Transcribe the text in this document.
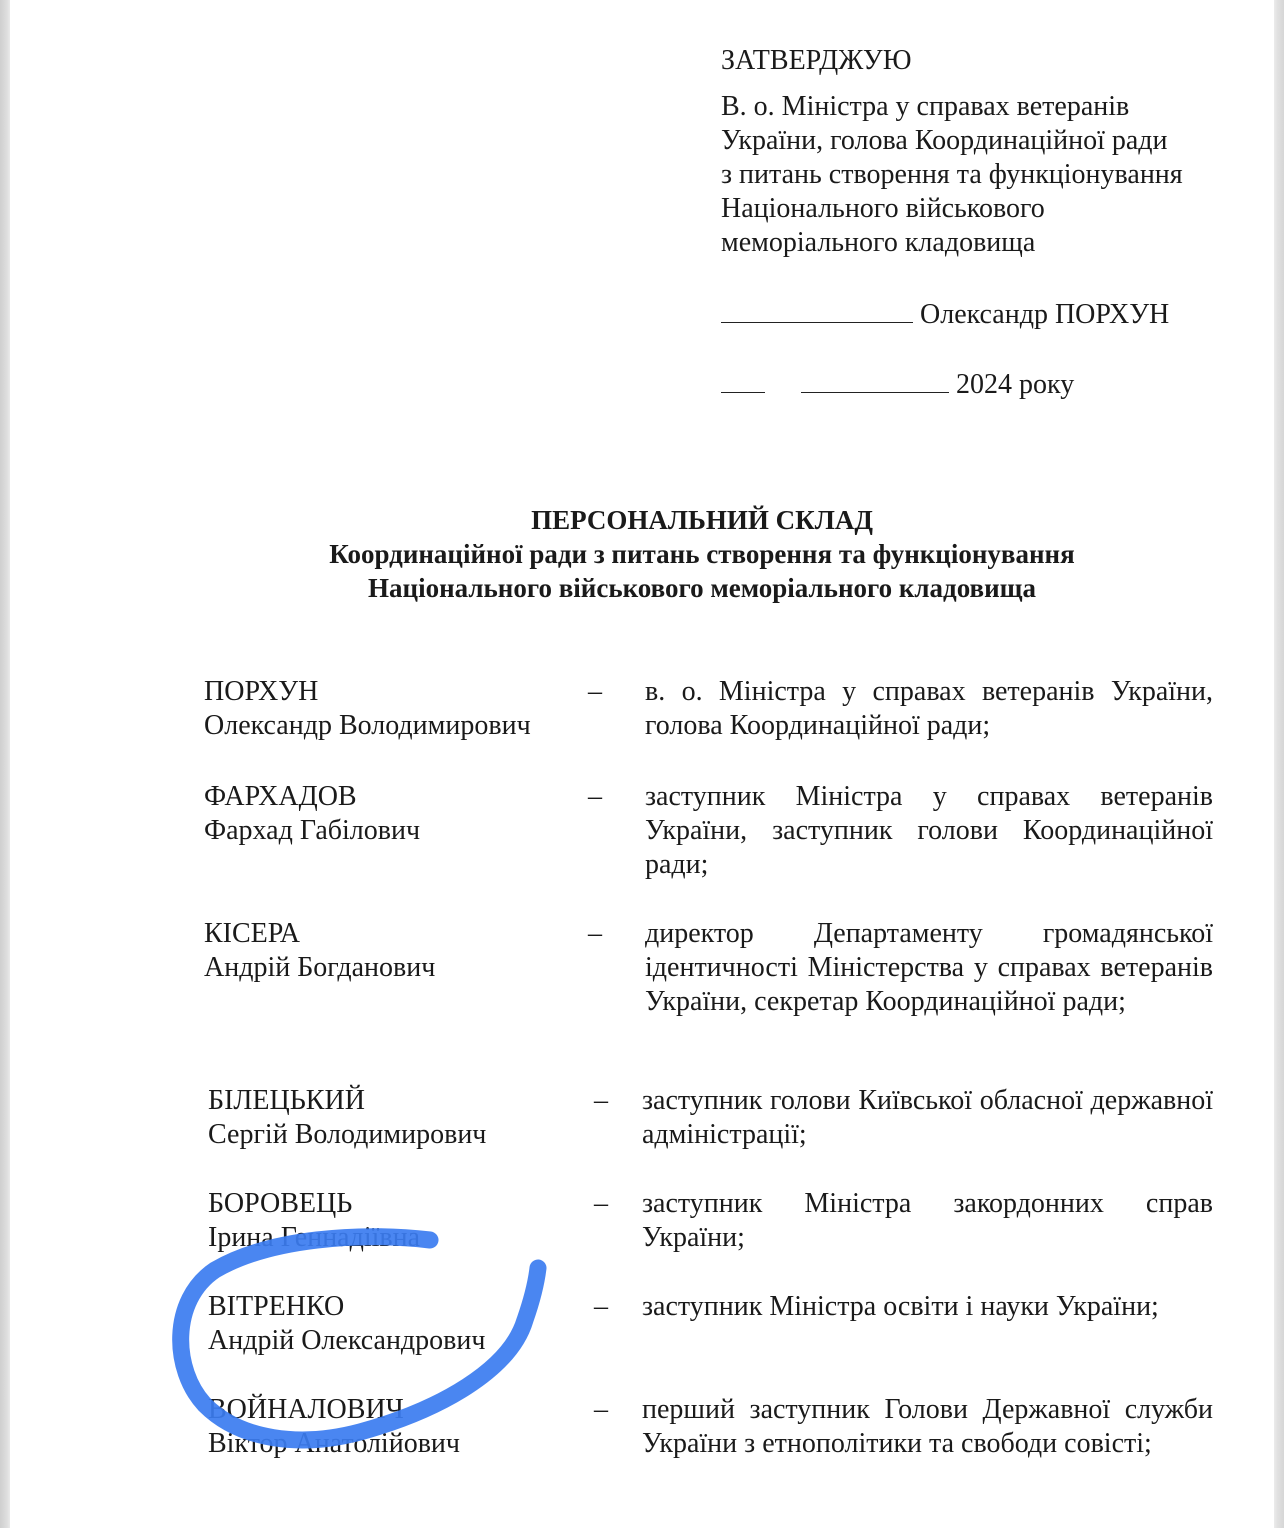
ЗАТВЕРДЖУЮ
В. о. Міністра у справах ветеранів
України, голова Координаційної ради
з питань створення та функціонування
Національного військового
меморіального кладовища
Олександр ПОРХУН
2024 року
ПЕРСОНАЛЬНИЙ СКЛАД
Координаційної ради з питань створення та функціонування
Національного військового меморіального кладовища
ПОРХУН
Олександр Володимирович
– в. о. Міністра у справах ветеранів України, голова Координаційної ради;
ФАРХАДОВ
Фархад Габілович
– заступник Міністра у справах ветеранів України, заступник голови Координаційної ради;
КІСЕРА
Андрій Богданович
– директор Департаменту громадянської ідентичності Міністерства у справах ветеранів України, секретар Координаційної ради;
БІЛЕЦЬКИЙ
Сергій Володимирович
– заступник голови Київської обласної державної адміністрації;
БОРОВЕЦЬ
Ірина Геннадіївна
– заступник Міністра закордонних справ України;
ВІТРЕНКО
Андрій Олександрович
– заступник Міністра освіти і науки України;
ВОЙНАЛОВИЧ
Віктор Анатолійович
– перший заступник Голови Державної служби України з етнополітики та свободи совісті;
